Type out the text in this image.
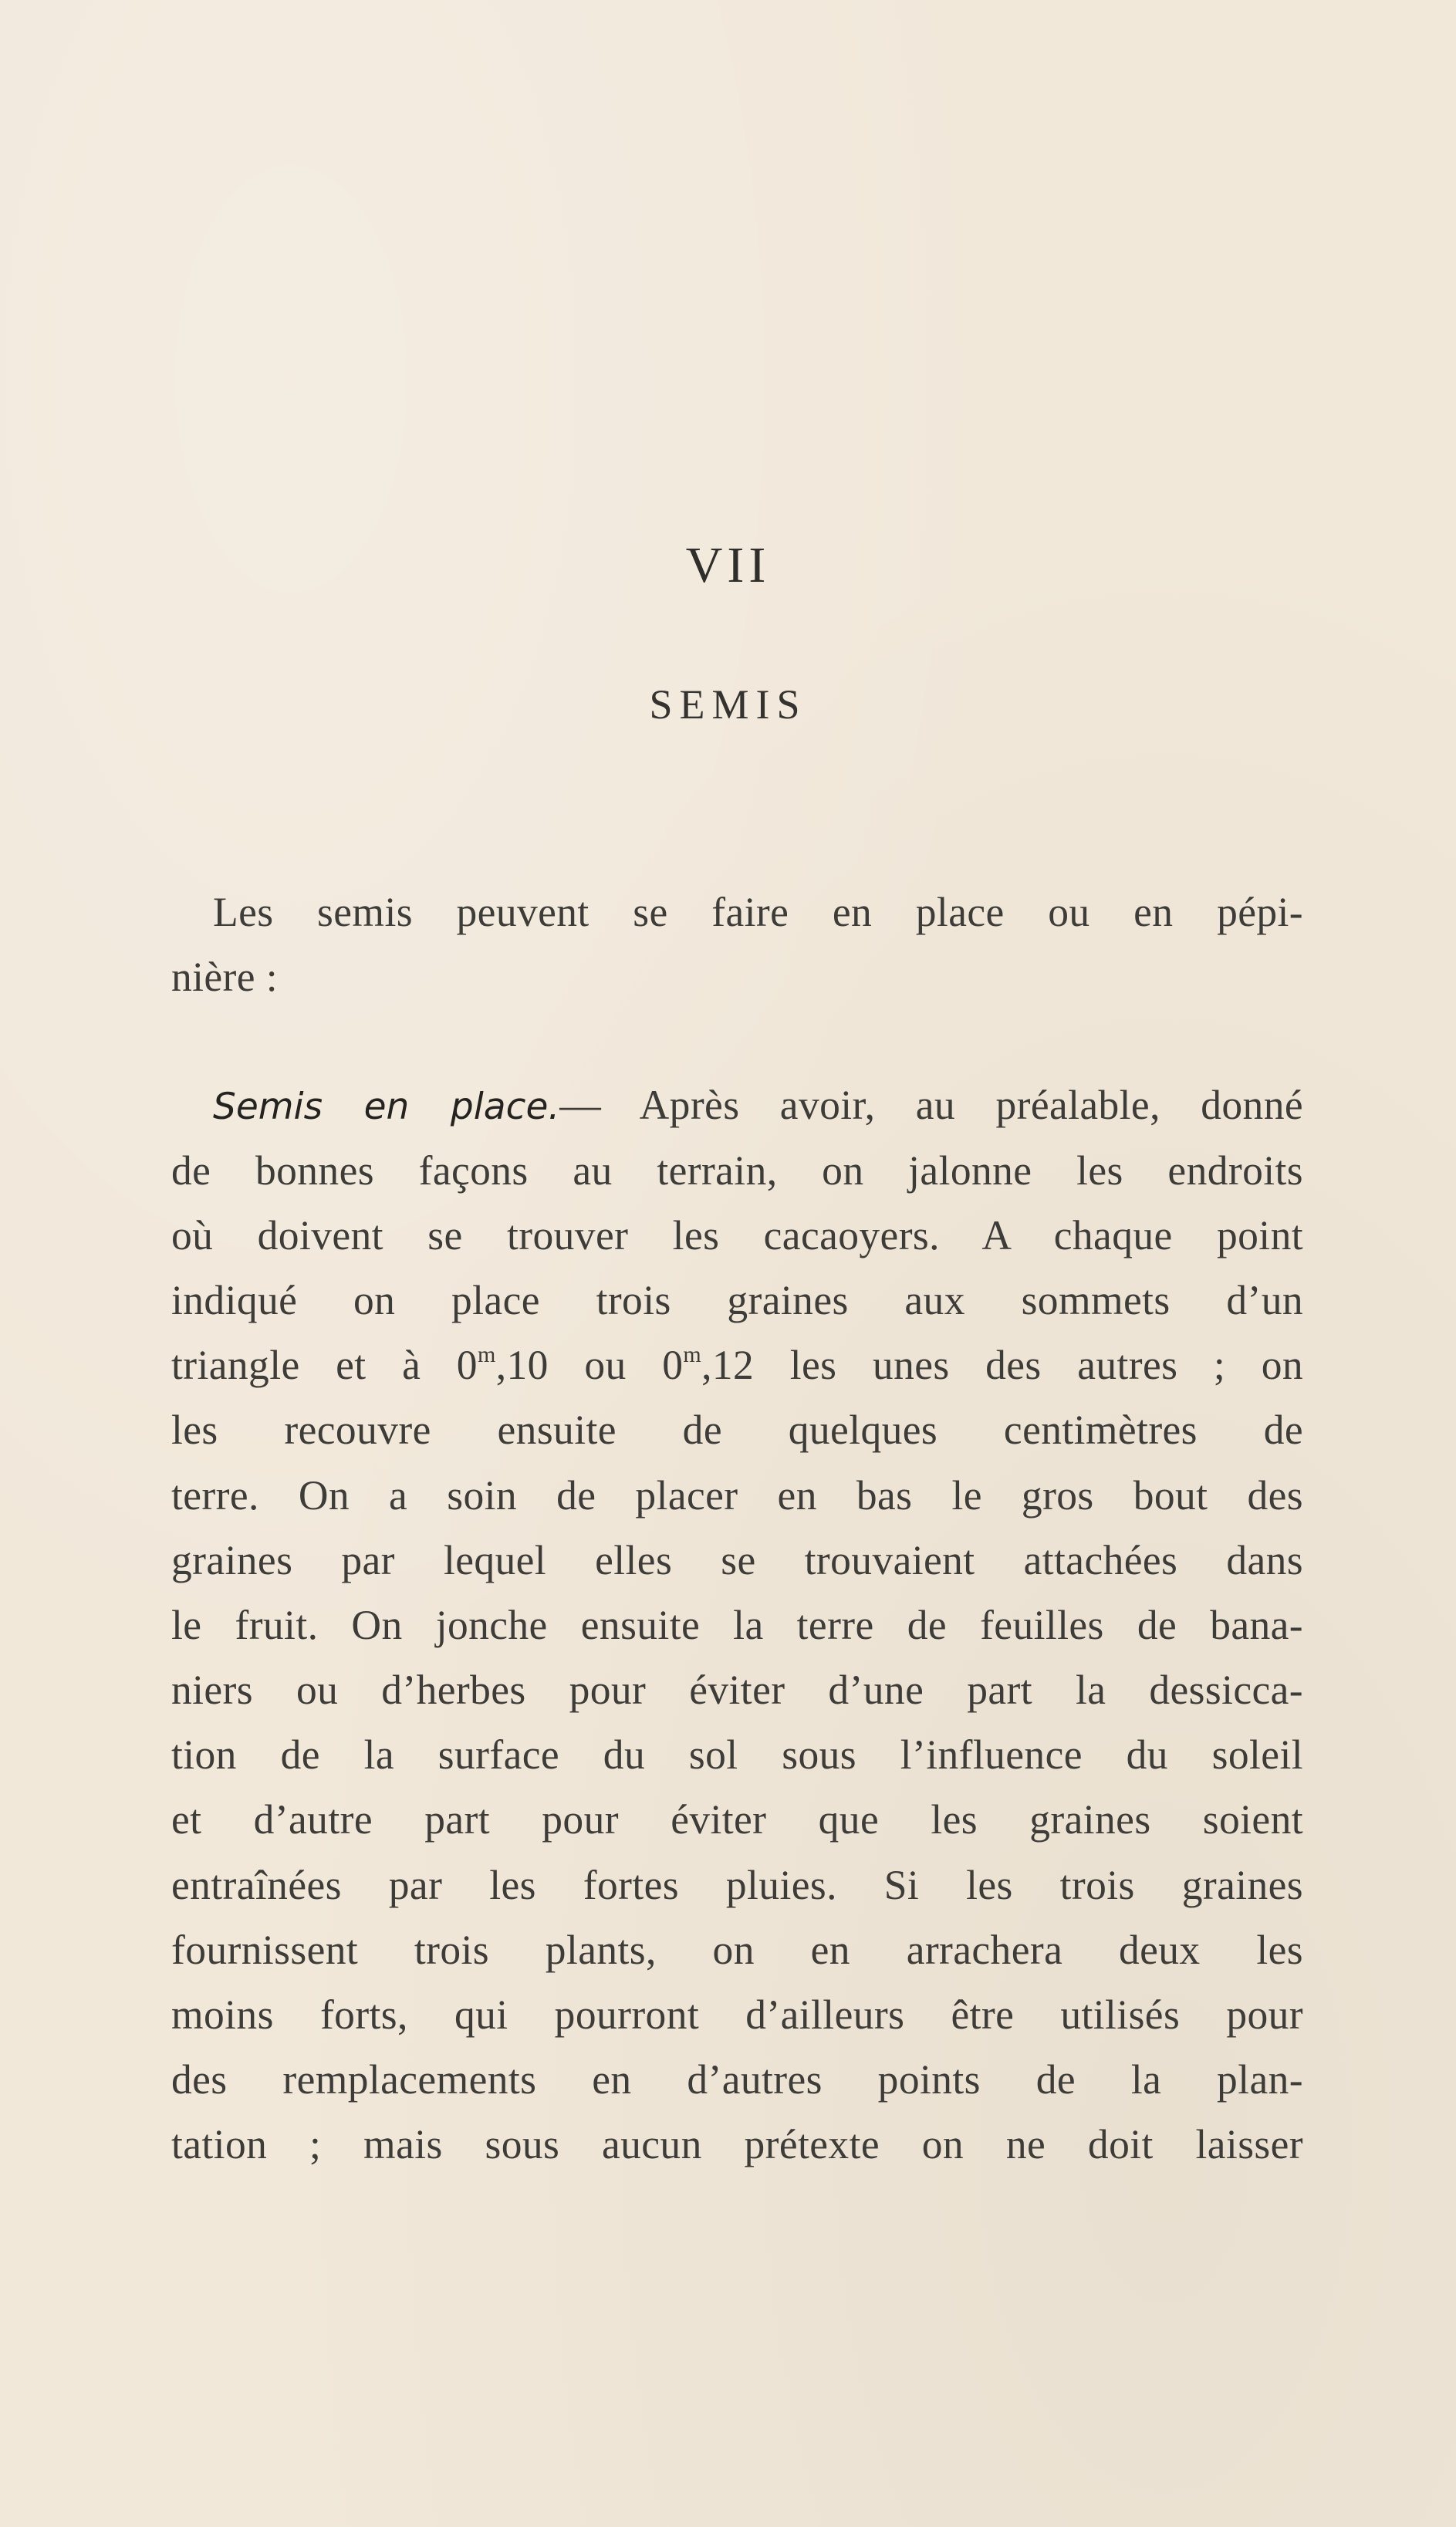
VII
SEMIS
Les semis peuvent se faire en place ou en pépi-
nière :
Semis en place.— Après avoir, au préalable, donné
de bonnes façons au terrain, on jalonne les endroits
où doivent se trouver les cacaoyers. A chaque point
indiqué on place trois graines aux sommets d’un
triangle et à 0$^m$,10 ou 0$^m$,12 les unes des autres ; on
les recouvre ensuite de quelques centimètres de
terre. On a soin de placer en bas le gros bout des
graines par lequel elles se trouvaient attachées dans
le fruit. On jonche ensuite la terre de feuilles de bana-
niers ou d’herbes pour éviter d’une part la dessicca-
tion de la surface du sol sous l’influence du soleil
et d’autre part pour éviter que les graines soient
entraînées par les fortes pluies. Si les trois graines
fournissent trois plants, on en arrachera deux les
moins forts, qui pourront d’ailleurs être utilisés pour
des remplacements en d’autres points de la plan-
tation ; mais sous aucun prétexte on ne doit laisser
